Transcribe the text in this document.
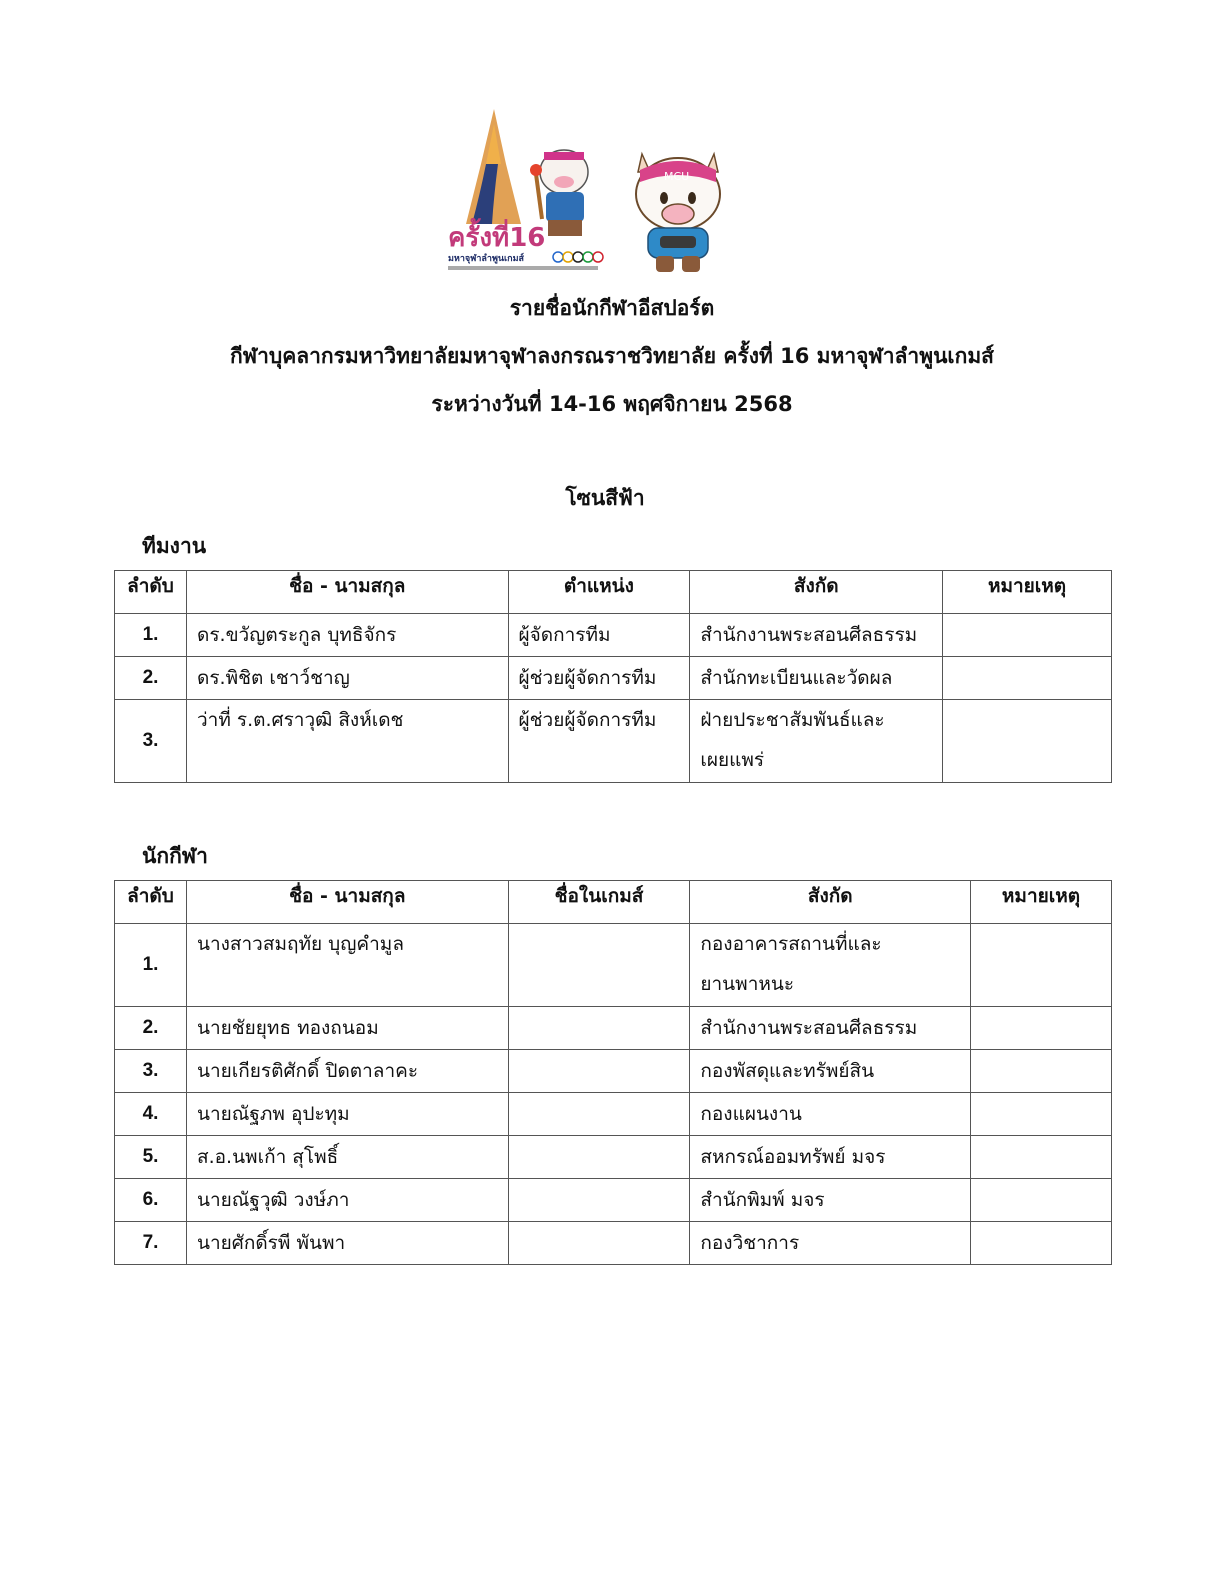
ครั้งที่16
มหาจุฬาลำพูนเกมส์
MCU
รายชื่อนักกีฬาอีสปอร์ต
กีฬาบุคลากรมหาวิทยาลัยมหาจุฬาลงกรณราชวิทยาลัย ครั้งที่ 16 มหาจุฬาลำพูนเกมส์
ระหว่างวันที่ 14-16 พฤศจิกายน 2568
โซนสีฟ้า
ทีมงาน
ลำดับ	ชื่อ - นามสกุล	ตำแหน่ง	สังกัด	หมายเหตุ
1.	ดร.ขวัญตระกูล บุทธิจักร	ผู้จัดการทีม	สำนักงานพระสอนศีลธรรม	
2.	ดร.พิชิต เชาว์ชาญ	ผู้ช่วยผู้จัดการทีม	สำนักทะเบียนและวัดผล	
3.	ว่าที่ ร.ต.ศราวุฒิ สิงห์เดช	ผู้ช่วยผู้จัดการทีม	ฝ่ายประชาสัมพันธ์และ
เผยแพร่	
นักกีฬา
ลำดับ	ชื่อ - นามสกุล	ชื่อในเกมส์	สังกัด	หมายเหตุ
1.	นางสาวสมฤทัย บุญคำมูล		กองอาคารสถานที่และ
ยานพาหนะ	
2.	นายชัยยุทธ ทองถนอม		สำนักงานพระสอนศีลธรรม	
3.	นายเกียรติศักดิ์ ปิดตาลาคะ		กองพัสดุและทรัพย์สิน	
4.	นายณัฐภพ อุปะทุม		กองแผนงาน	
5.	ส.อ.นพเก้า สุโพธิ์		สหกรณ์ออมทรัพย์ มจร	
6.	นายณัฐวุฒิ วงษ์ภา		สำนักพิมพ์ มจร	
7.	นายศักดิ์รพี พันพา		กองวิชาการ	
